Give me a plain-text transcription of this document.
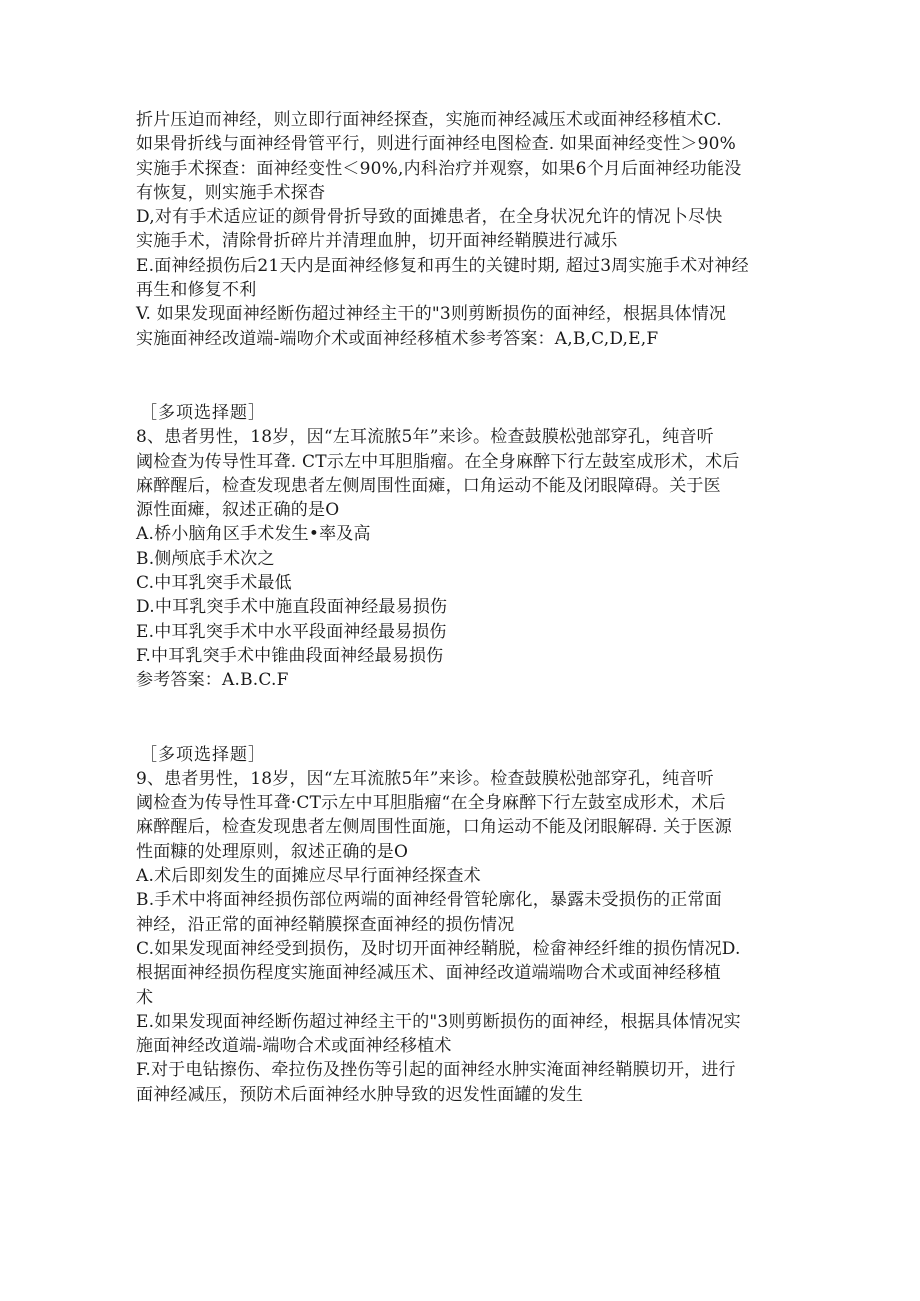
折片压迫而神经，则立即行面神经探查，实施而神经减压术或面神经移植术C.
如果骨折线与面神经骨管平行，则进行面神经电图检查. 如果面神经变性＞90%
实施手术探查：面神经变性＜90%,内科治疗并观察，如果6个月后面神经功能没
有恢复，则实施手术探杳
D,对有手术适应证的颜骨骨折导致的面摊患者，在全身状况允许的情况卜尽快
实施手术，清除骨折碎片并清理血肿，切开面神经鞘膜进行减乐
E.面神经损伤后21天内是面神经修复和再生的关键时期, 超过3周实施手术对神经
再生和修复不利
V. 如果发现面神经断伤超过神经主干的"3则剪断损伤的面神经，根据具体情况
实施面神经改道端-端吻介术或面神经移植术参考答案：A,B,C,D,E,F
［多项选择题］
8、患者男性，18岁，因“左耳流脓5年”来诊。检查鼓膜松弛部穿孔，纯音听
阈检查为传导性耳聋. CT示左中耳胆脂瘤。在全身麻醉下行左鼓室成形术，术后
麻醉醒后，检查发现患者左侧周围性面瘫，口角运动不能及闭眼障碍。关于医
源性面瘫，叙述正确的是O
A.桥小脑角区手术发生•率及高
B.侧颅底手术次之
C.中耳乳突手术最低
D.中耳乳突手术中施直段面神经最易损伤
E.中耳乳突手术中水平段面神经最易损伤
F.中耳乳突手术中锥曲段面神经最易损伤
参考答案：A.B.C.F
［多项选择题］
9、患者男性，18岁，因“左耳流脓5年”来诊。检查鼓膜松弛部穿孔，纯音听
阈检查为传导性耳聋·CT示左中耳胆脂瘤“在全身麻醉下行左鼓室成形术，术后
麻醉醒后，检查发现患者左侧周围性面施，口角运动不能及闭眼解碍. 关于医源
性面糠的处理原则，叙述正确的是O
A.术后即刻发生的面摊应尽早行面神经探查术
B.手术中将面神经损伤部位两端的面神经骨管轮廓化，暴露未受损伤的正常面
神经，沿正常的面神经鞘膜探查面神经的损伤情况
C.如果发现面神经受到损伤，及时切开面神经鞘脱，检畲神经纤维的损伤情况D.
根据面神经损伤程度实施面神经减压术、面神经改道端端吻合术或面神经移植
术
E.如果发现面神经断伤超过神经主干的"3则剪断损伤的面神经，根据具体情况实
施面神经改道端-端吻合术或面神经移植术
F.对于电钻擦伤、牵拉伤及挫伤等引起的面神经水肿实淹面神经鞘膜切开，进行
面神经减压，预防术后面神经水肿导致的迟发性面罐的发生
